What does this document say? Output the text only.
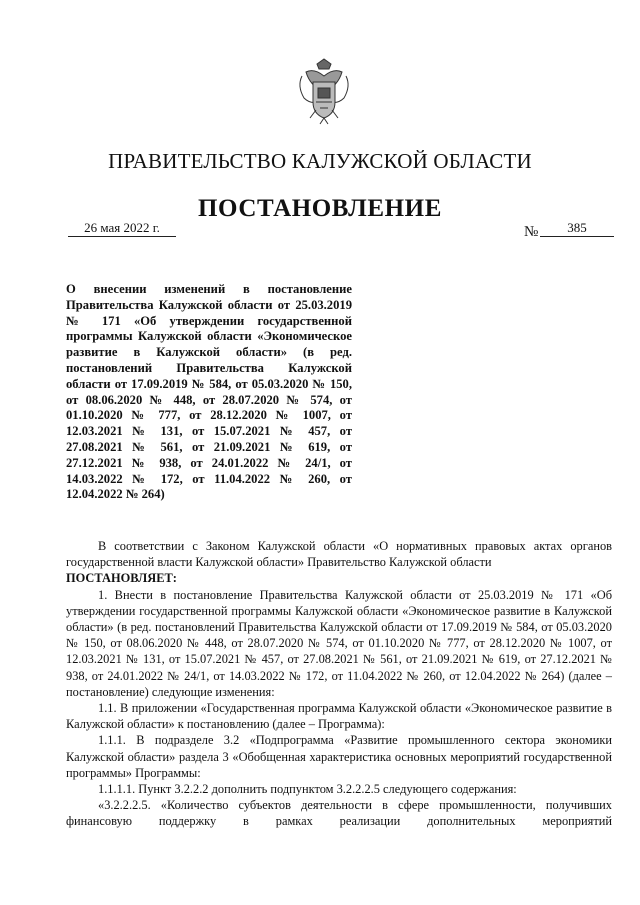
ПРАВИТЕЛЬСТВО КАЛУЖСКОЙ ОБЛАСТИ
ПОСТАНОВЛЕНИЕ
26 мая 2022 г.	№	385

О внесении изменений в постановление Правительства Калужской области от 25.03.2019 № 171 «Об утверждении государственной программы Калужской области «Экономическое развитие в Калужской области» (в ред. постановлений Правительства Калужской области от 17.09.2019 № 584, от 05.03.2020 № 150, от 08.06.2020 № 448, от 28.07.2020 № 574, от 01.10.2020 № 777, от 28.12.2020 № 1007, от 12.03.2021 № 131, от 15.07.2021 № 457, от 27.08.2021 № 561, от 21.09.2021 № 619, от 27.12.2021 № 938, от 24.01.2022 № 24/1, от 14.03.2022 № 172, от 11.04.2022 № 260, от 12.04.2022 № 264)

В соответствии с Законом Калужской области «О нормативных правовых актах органов государственной власти Калужской области» Правительство Калужской области

ПОСТАНОВЛЯЕТ:

1. Внести в постановление Правительства Калужской области от 25.03.2019 № 171 «Об утверждении государственной программы Калужской области «Экономическое развитие в Калужской области» (в ред. постановлений Правительства Калужской области от 17.09.2019 № 584, от 05.03.2020 № 150, от 08.06.2020 № 448, от 28.07.2020 № 574, от 01.10.2020 № 777, от 28.12.2020 № 1007, от 12.03.2021 № 131, от 15.07.2021 № 457, от 27.08.2021 № 561, от 21.09.2021 № 619, от 27.12.2021 № 938, от 24.01.2022 № 24/1, от 14.03.2022 № 172, от 11.04.2022 № 260, от 12.04.2022 № 264) (далее – постановление) следующие изменения:

1.1. В приложении «Государственная программа Калужской области «Экономическое развитие в Калужской области» к постановлению (далее – Программа):

1.1.1. В подразделе 3.2 «Подпрограмма «Развитие промышленного сектора экономики Калужской области» раздела 3 «Обобщенная характеристика основных мероприятий государственной программы» Программы:

1.1.1.1. Пункт 3.2.2.2 дополнить подпунктом 3.2.2.2.5 следующего содержания:

«3.2.2.2.5. «Количество субъектов деятельности в сфере промышленности, получивших финансовую поддержку в рамках реализации дополнительных мероприятий
